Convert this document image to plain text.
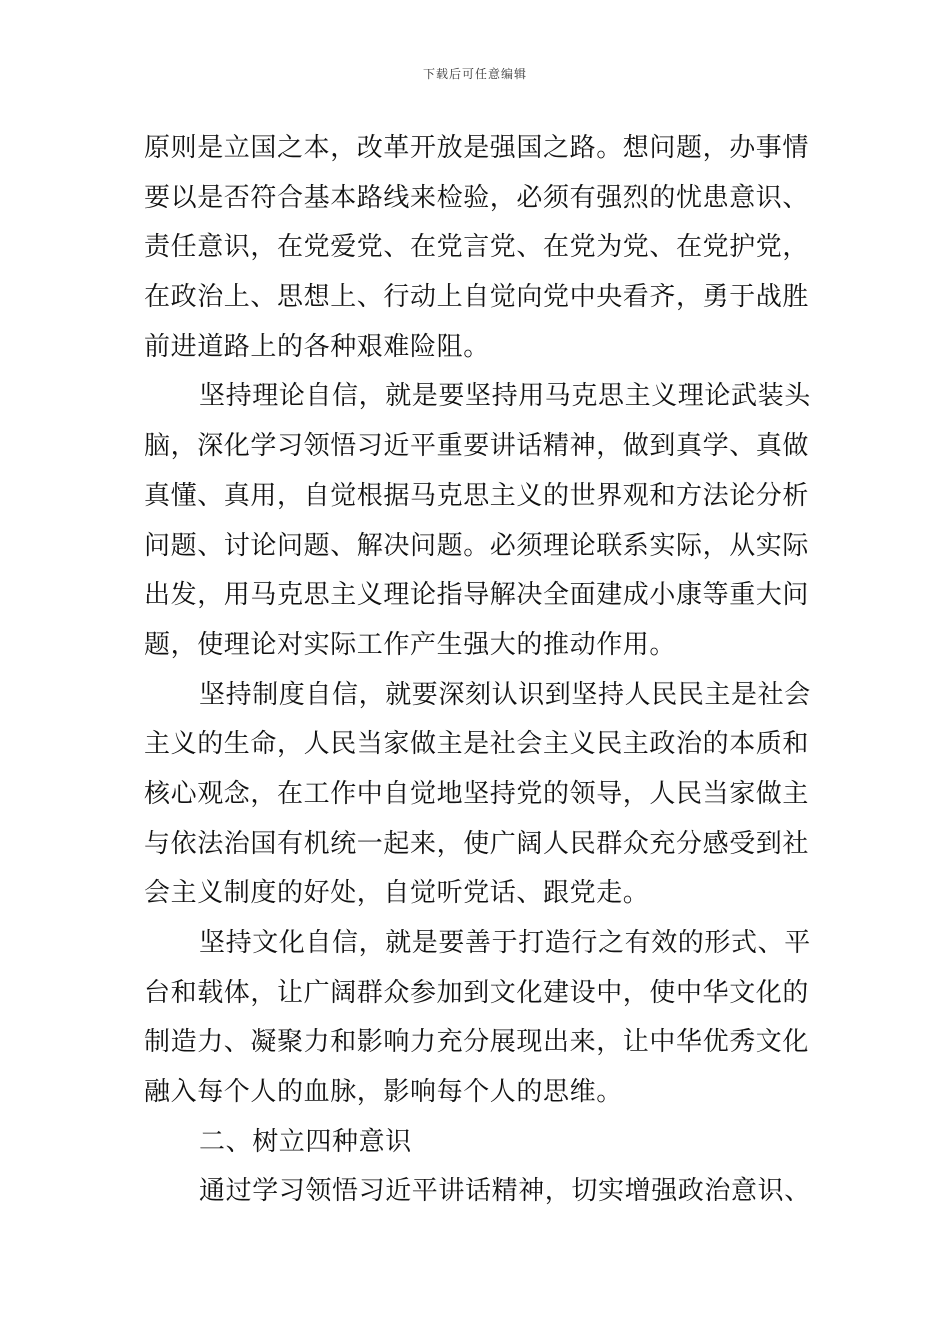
下载后可任意编辑
原则是立国之本，改革开放是强国之路。想问题，办事情
要以是否符合基本路线来检验，必须有强烈的忧患意识、
责任意识，在党爱党、在党言党、在党为党、在党护党，
在政治上、思想上、行动上自觉向党中央看齐，勇于战胜
前进道路上的各种艰难险阻。
坚持理论自信，就是要坚持用马克思主义理论武装头
脑，深化学习领悟习近平重要讲话精神，做到真学、真做
真懂、真用，自觉根据马克思主义的世界观和方法论分析
问题、讨论问题、解决问题。必须理论联系实际，从实际
出发，用马克思主义理论指导解决全面建成小康等重大问
题，使理论对实际工作产生强大的推动作用。
坚持制度自信，就要深刻认识到坚持人民民主是社会
主义的生命，人民当家做主是社会主义民主政治的本质和
核心观念，在工作中自觉地坚持党的领导，人民当家做主
与依法治国有机统一起来，使广阔人民群众充分感受到社
会主义制度的好处，自觉听党话、跟党走。
坚持文化自信，就是要善于打造行之有效的形式、平
台和载体，让广阔群众参加到文化建设中，使中华文化的
制造力、凝聚力和影响力充分展现出来，让中华优秀文化
融入每个人的血脉，影响每个人的思维。
二、树立四种意识
通过学习领悟习近平讲话精神，切实增强政治意识、
